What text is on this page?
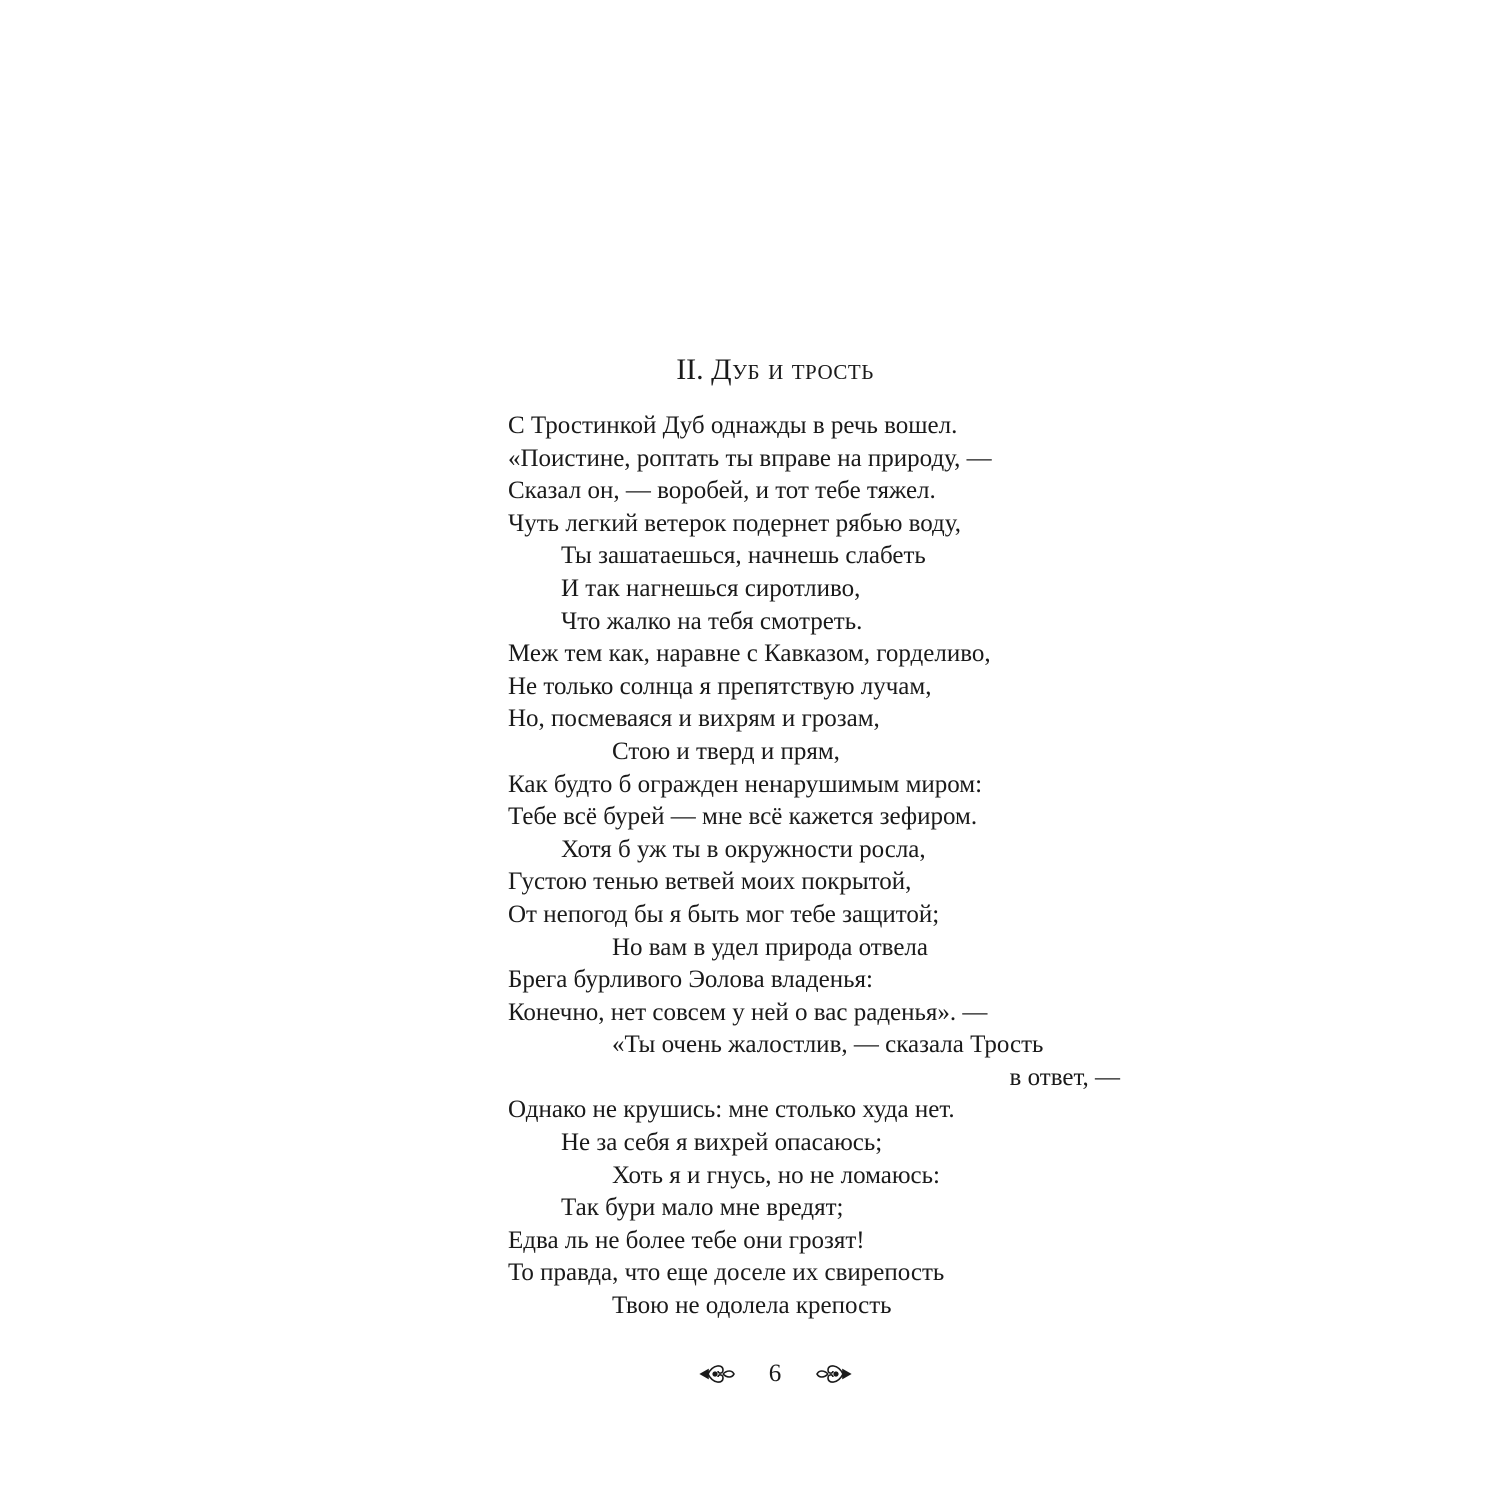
II. Дуб и трость
С Тростинкой Дуб однажды в речь вошел.
«Поистине, роптать ты вправе на природу, —
Сказал он, — воробей, и тот тебе тяжел.
Чуть легкий ветерок подернет рябью воду,
Ты зашатаешься, начнешь слабеть
И так нагнешься сиротливо,
Что жалко на тебя смотреть.
Меж тем как, наравне с Кавказом, горделиво,
Не только солнца я препятствую лучам,
Но, посмеваяся и вихрям и грозам,
Стою и тверд и прям,
Как будто б огражден ненарушимым миром:
Тебе всё бурей — мне всё кажется зефиром.
Хотя б уж ты в окружности росла,
Густою тенью ветвей моих покрытой,
От непогод бы я быть мог тебе защитой;
Но вам в удел природа отвела
Брега бурливого Эолова владенья:
Конечно, нет совсем у ней о вас раденья». —
«Ты очень жалостлив, — сказала Трость
в ответ, —
Однако не крушись: мне столько худа нет.
Не за себя я вихрей опасаюсь;
Хоть я и гнусь, но не ломаюсь:
Так бури мало мне вредят;
Едва ль не более тебе они грозят!
То правда, что еще доселе их свирепость
Твою не одолела крепость
6
